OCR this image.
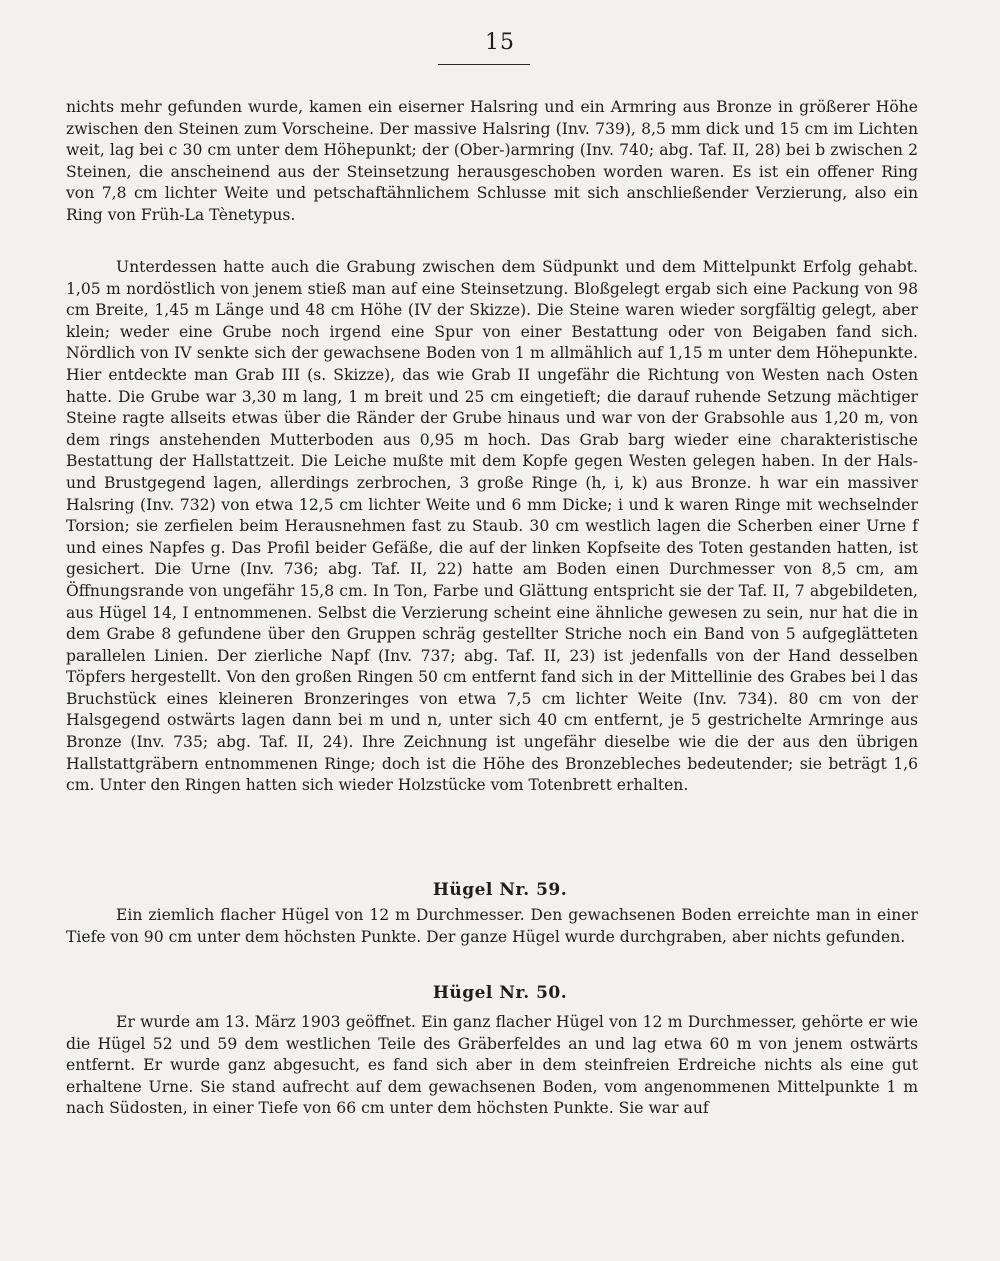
15

nichts mehr gefunden wurde, kamen ein eiserner Halsring und ein Armring aus Bronze in größerer Höhe zwischen den Steinen zum Vorscheine. Der massive Halsring (Inv. 739), 8,5 mm dick und 15 cm im Lichten weit, lag bei c 30 cm unter dem Höhepunkt; der (Ober-)armring (Inv. 740; abg. Taf. II, 28) bei b zwischen 2 Steinen, die anscheinend aus der Steinsetzung herausgeschoben worden waren. Es ist ein offener Ring von 7,8 cm lichter Weite und petschaftähnlichem Schlusse mit sich anschließender Verzierung, also ein Ring von Früh-La Tènetypus.

Unterdessen hatte auch die Grabung zwischen dem Südpunkt und dem Mittelpunkt Erfolg gehabt. 1,05 m nordöstlich von jenem stieß man auf eine Steinsetzung. Bloßgelegt ergab sich eine Packung von 98 cm Breite, 1,45 m Länge und 48 cm Höhe (IV der Skizze). Die Steine waren wieder sorgfältig gelegt, aber klein; weder eine Grube noch irgend eine Spur von einer Bestattung oder von Beigaben fand sich. Nördlich von IV senkte sich der gewachsene Boden von 1 m allmählich auf 1,15 m unter dem Höhepunkte. Hier entdeckte man Grab III (s. Skizze), das wie Grab II ungefähr die Richtung von Westen nach Osten hatte. Die Grube war 3,30 m lang, 1 m breit und 25 cm eingetieft; die darauf ruhende Setzung mächtiger Steine ragte allseits etwas über die Ränder der Grube hinaus und war von der Grabsohle aus 1,20 m, von dem rings anstehenden Mutterboden aus 0,95 m hoch. Das Grab barg wieder eine charakteristische Bestattung der Hallstattzeit. Die Leiche mußte mit dem Kopfe gegen Westen gelegen haben. In der Hals- und Brustgegend lagen, allerdings zerbrochen, 3 große Ringe (h, i, k) aus Bronze. h war ein massiver Halsring (Inv. 732) von etwa 12,5 cm lichter Weite und 6 mm Dicke; i und k waren Ringe mit wechselnder Torsion; sie zerfielen beim Herausnehmen fast zu Staub. 30 cm westlich lagen die Scherben einer Urne f und eines Napfes g. Das Profil beider Gefäße, die auf der linken Kopfseite des Toten gestanden hatten, ist gesichert. Die Urne (Inv. 736; abg. Taf. II, 22) hatte am Boden einen Durchmesser von 8,5 cm, am Öffnungsrande von ungefähr 15,8 cm. In Ton, Farbe und Glättung entspricht sie der Taf. II, 7 abgebildeten, aus Hügel 14, I entnommenen. Selbst die Verzierung scheint eine ähnliche gewesen zu sein, nur hat die in dem Grabe 8 gefundene über den Gruppen schräg gestellter Striche noch ein Band von 5 aufgeglätteten parallelen Linien. Der zierliche Napf (Inv. 737; abg. Taf. II, 23) ist jedenfalls von der Hand desselben Töpfers hergestellt. Von den großen Ringen 50 cm entfernt fand sich in der Mittellinie des Grabes bei l das Bruchstück eines kleineren Bronzeringes von etwa 7,5 cm lichter Weite (Inv. 734). 80 cm von der Halsgegend ostwärts lagen dann bei m und n, unter sich 40 cm entfernt, je 5 gestrichelte Armringe aus Bronze (Inv. 735; abg. Taf. II, 24). Ihre Zeichnung ist ungefähr dieselbe wie die der aus den übrigen Hallstattgräbern entnommenen Ringe; doch ist die Höhe des Bronzebleches bedeutender; sie beträgt 1,6 cm. Unter den Ringen hatten sich wieder Holzstücke vom Totenbrett erhalten.

Hügel Nr. 59.

Ein ziemlich flacher Hügel von 12 m Durchmesser. Den gewachsenen Boden erreichte man in einer Tiefe von 90 cm unter dem höchsten Punkte. Der ganze Hügel wurde durchgraben, aber nichts gefunden.

Hügel Nr. 50.

Er wurde am 13. März 1903 geöffnet. Ein ganz flacher Hügel von 12 m Durchmesser, gehörte er wie die Hügel 52 und 59 dem westlichen Teile des Gräberfeldes an und lag etwa 60 m von jenem ostwärts entfernt. Er wurde ganz abgesucht, es fand sich aber in dem steinfreien Erdreiche nichts als eine gut erhaltene Urne. Sie stand aufrecht auf dem gewachsenen Boden, vom angenommenen Mittelpunkte 1 m nach Südosten, in einer Tiefe von 66 cm unter dem höchsten Punkte. Sie war auf
